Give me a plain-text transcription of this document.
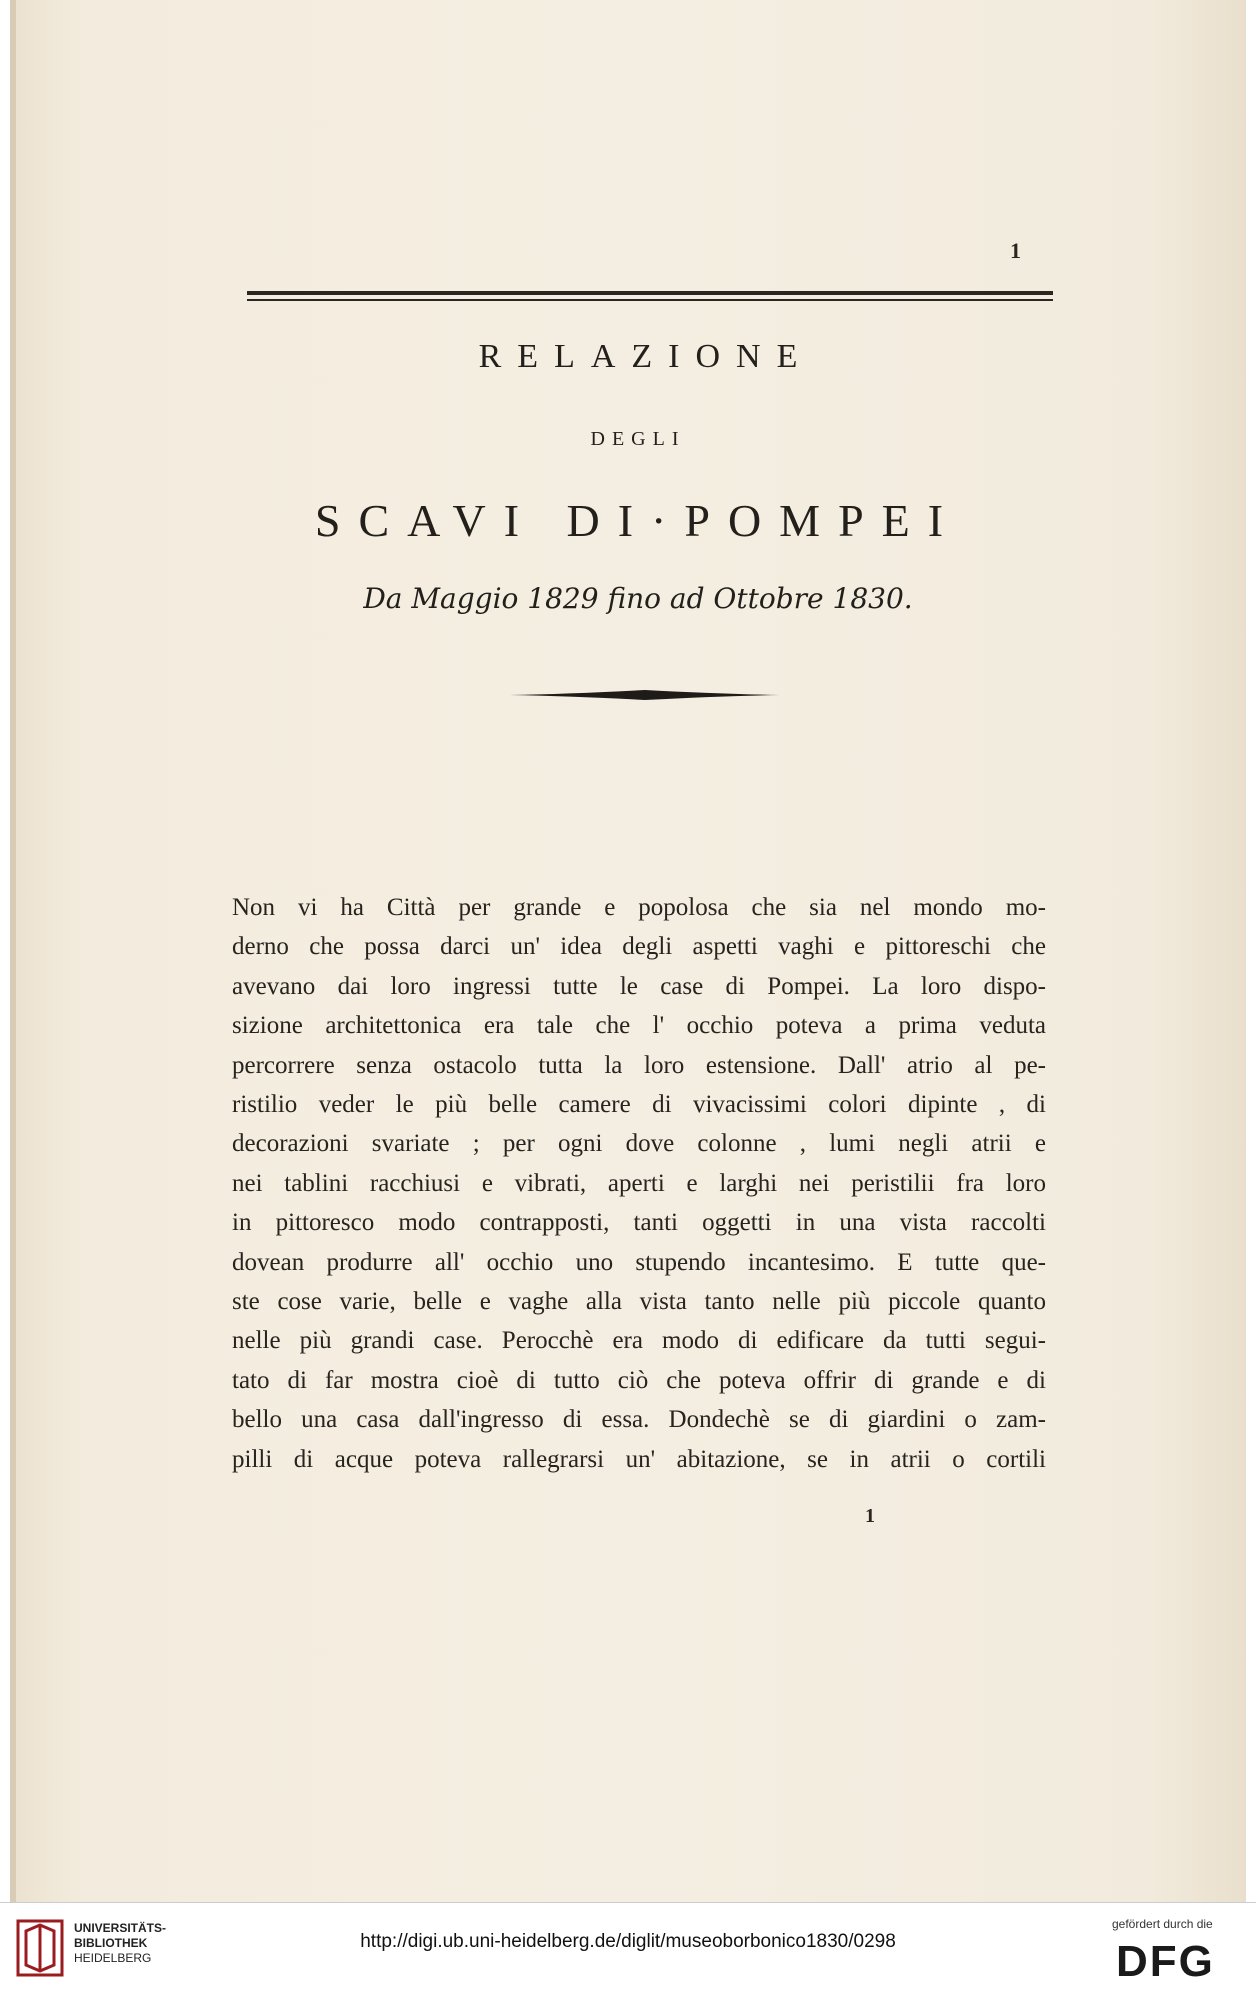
1
RELAZIONE
DEGLI
SCAVI DI·POMPEI
Da Maggio 1829 fino ad Ottobre 1830.
Non vi ha Città per grande e popolosa che sia nel mondo mo-
derno che possa darci un' idea degli aspetti vaghi e pittoreschi che
avevano dai loro ingressi tutte le case di Pompei. La loro dispo-
sizione architettonica era tale che l' occhio poteva a prima veduta
percorrere senza ostacolo tutta la loro estensione. Dall' atrio al pe-
ristilio veder le più belle camere di vivacissimi colori dipinte , di
decorazioni svariate ; per ogni dove colonne , lumi negli atrii e
nei tablini racchiusi e vibrati, aperti e larghi nei peristilii fra loro
in pittoresco modo contrapposti, tanti oggetti in una vista raccolti
dovean produrre all' occhio uno stupendo incantesimo. E tutte que-
ste cose varie, belle e vaghe alla vista tanto nelle più piccole quanto
nelle più grandi case. Perocchè era modo di edificare da tutti segui-
tato di far mostra cioè di tutto ciò che poteva offrir di grande e di
bello una casa dall'ingresso di essa. Dondechè se di giardini o zam-
pilli di acque poteva rallegrarsi un' abitazione, se in atrii o cortili
1
UNIVERSITÄTS-
BIBLIOTHEK
HEIDELBERG
http://digi.ub.uni-heidelberg.de/diglit/museoborbonico1830/0298
gefördert durch die
DFG
